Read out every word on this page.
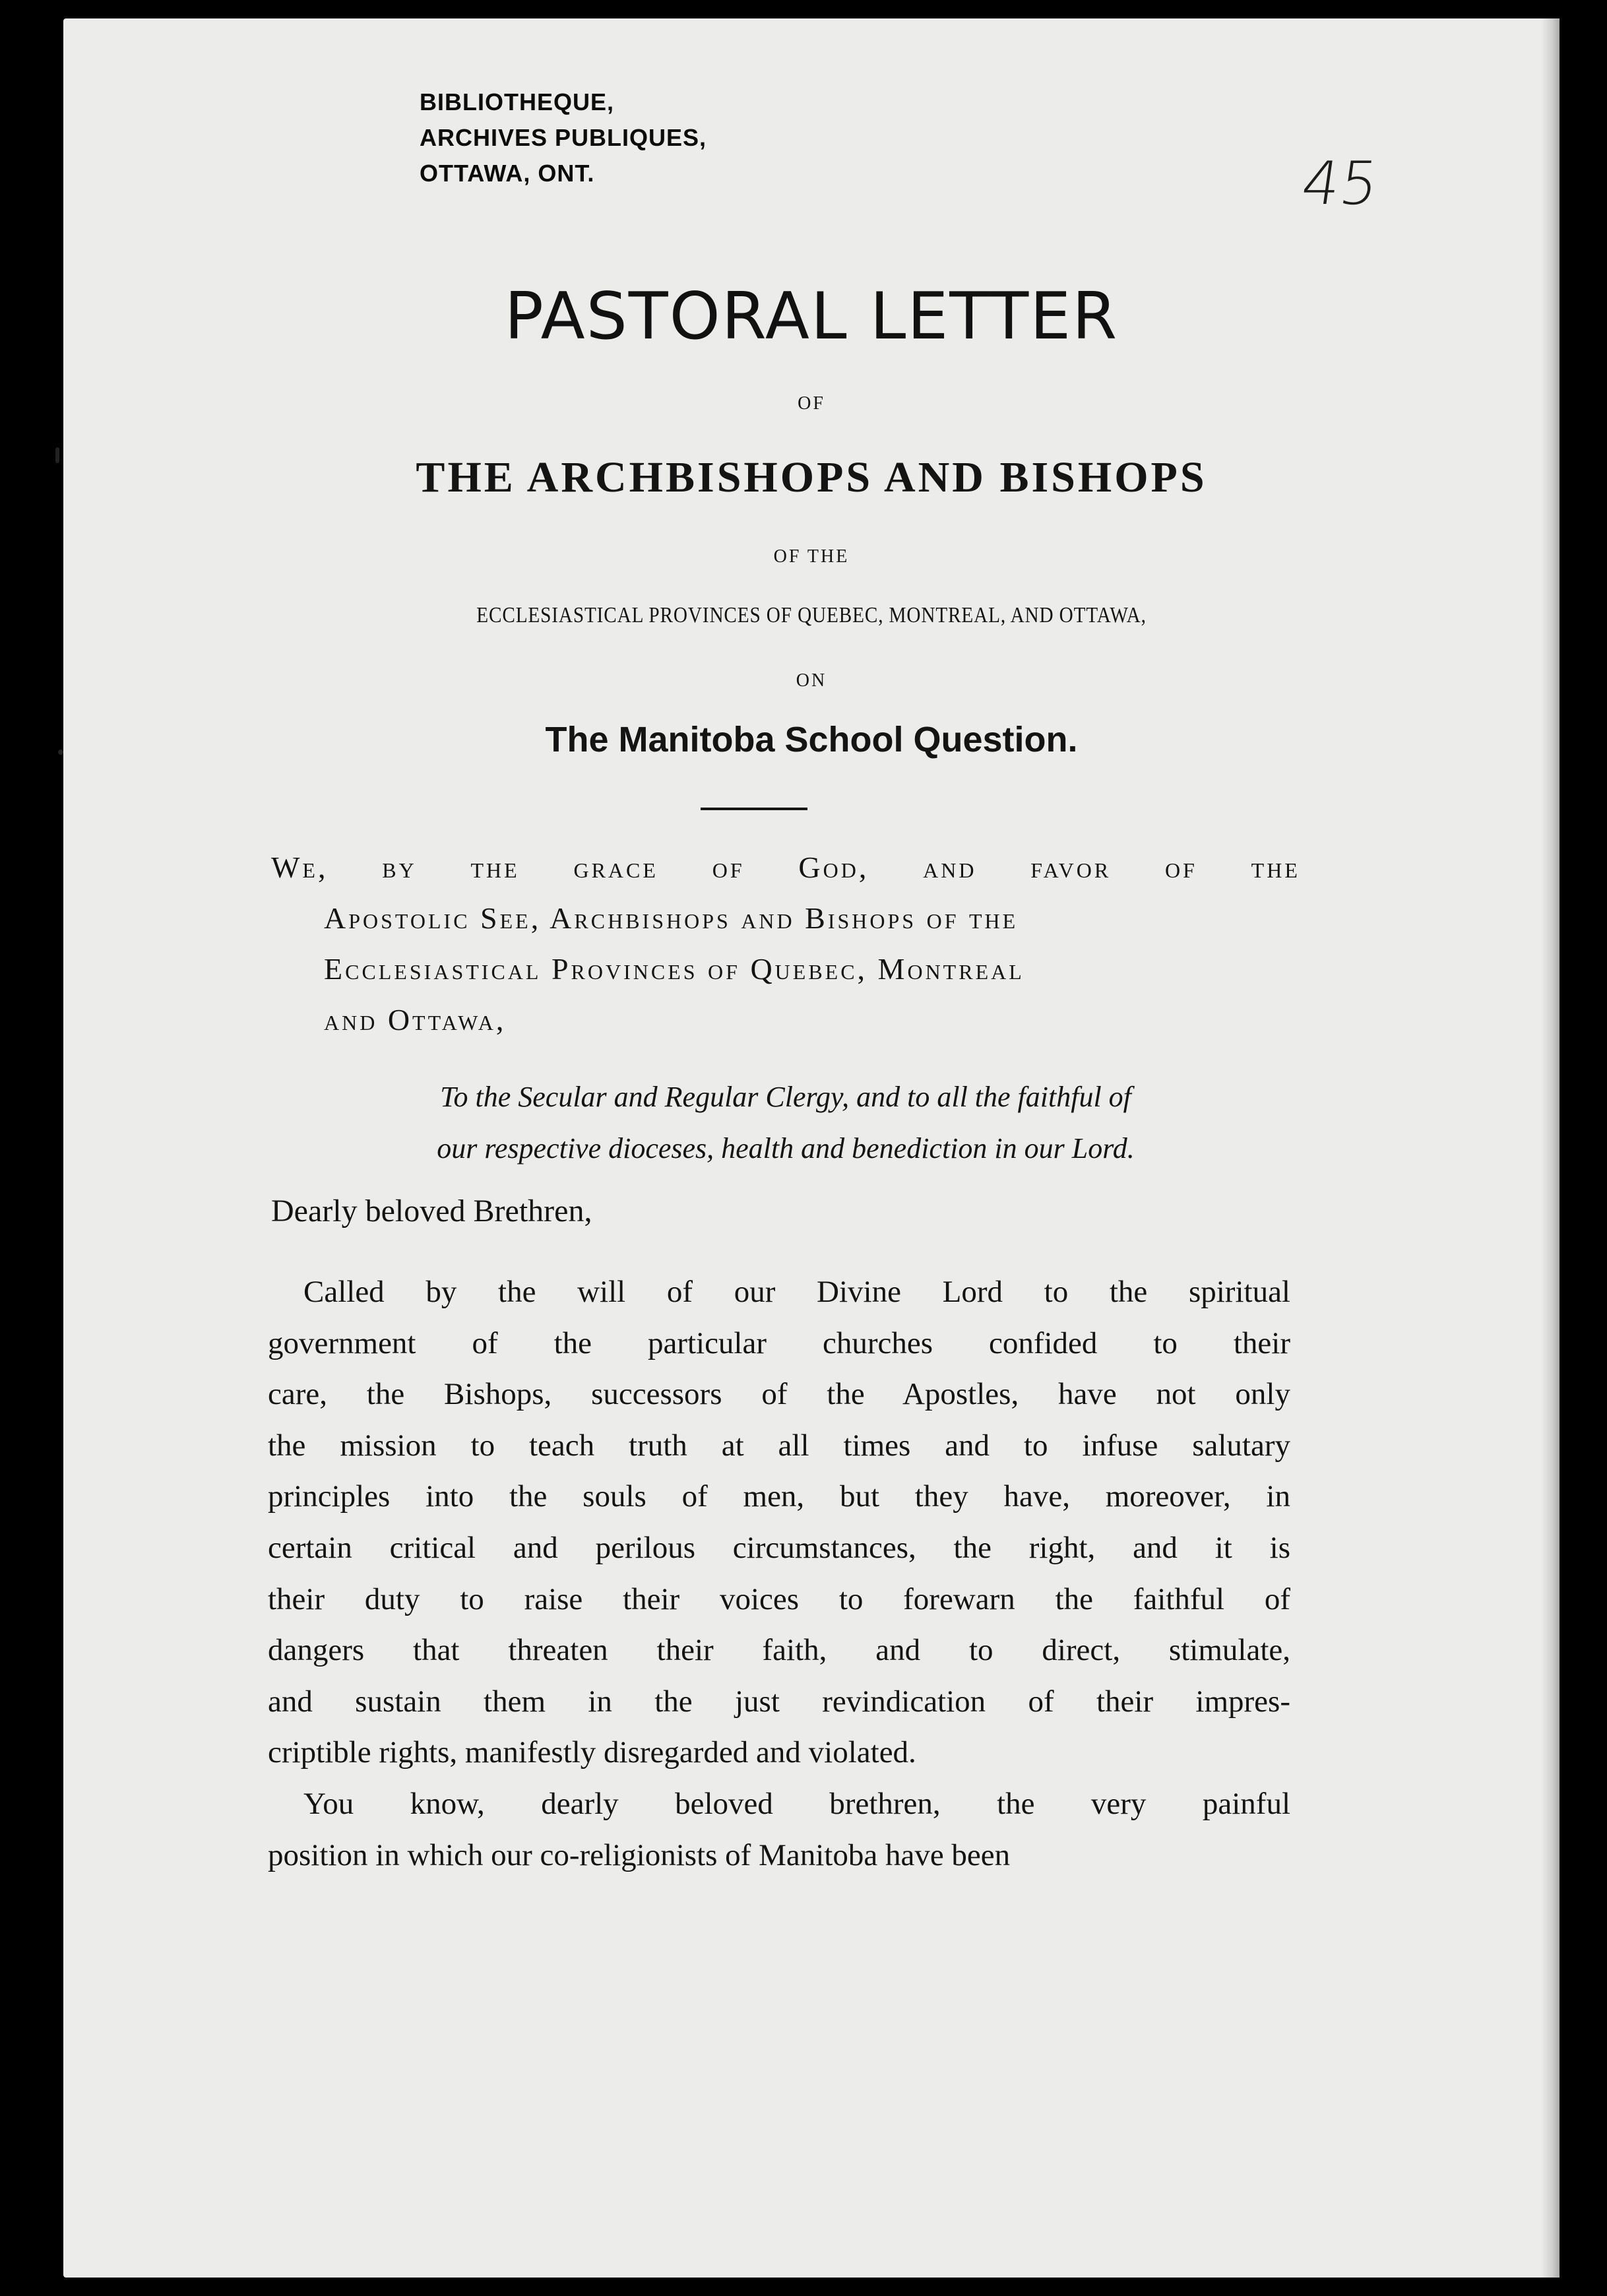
BIBLIOTHEQUE,
ARCHIVES PUBLIQUES,
OTTAWA, ONT.	45
PASTORAL LETTER
OF
THE ARCHBISHOPS AND BISHOPS
OF THE
ECCLESIASTICAL PROVINCES OF QUEBEC, MONTREAL, AND OTTAWA,
ON
The Manitoba School Question.
We, by the grace of God, and favor of the
Apostolic See, Archbishops and Bishops of the
Ecclesiastical Provinces of Quebec, Montreal
and Ottawa,
To the Secular and Regular Clergy, and to all the faithful of
our respective dioceses, health and benediction in our Lord.
Dearly beloved Brethren,
Called by the will of our Divine Lord to the spiritual
government of the particular churches confided to their
care, the Bishops, successors of the Apostles, have not only
the mission to teach truth at all times and to infuse salutary
principles into the souls of men, but they have, moreover, in
certain critical and perilous circumstances, the right, and it is
their duty to raise their voices to forewarn the faithful of
dangers that threaten their faith, and to direct, stimulate,
and sustain them in the just revindication of their impres-
criptible rights, manifestly disregarded and violated.
You know, dearly beloved brethren, the very painful
position in which our co-religionists of Manitoba have been
